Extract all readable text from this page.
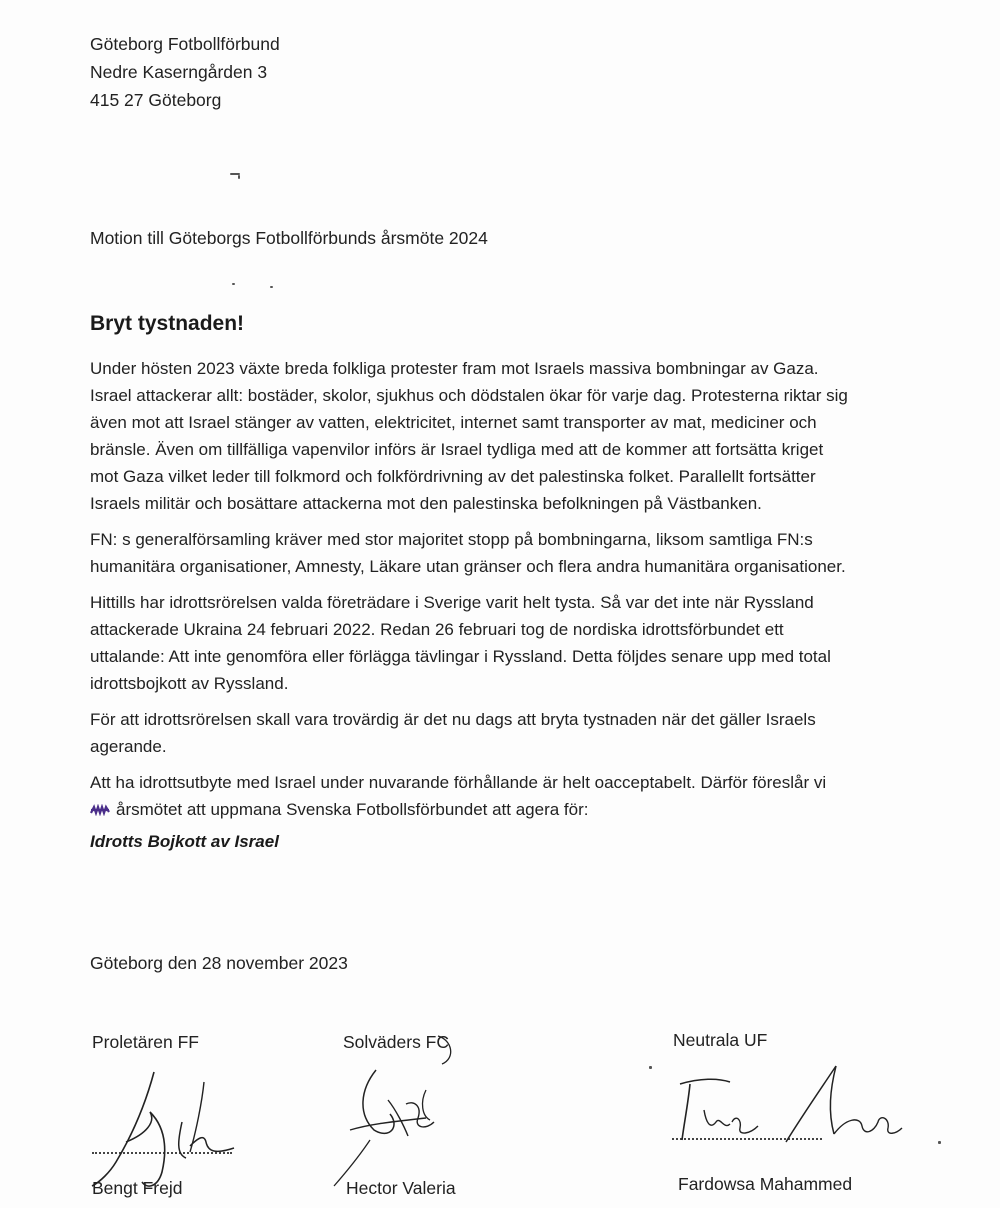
Göteborg Fotbollförbund
Nedre Kaserngården 3
415 27 Göteborg
Motion till Göteborgs Fotbollförbunds årsmöte 2024
Bryt tystnaden!

Under hösten 2023 växte breda folkliga protester fram mot Israels massiva bombningar av Gaza.
Israel attackerar allt: bostäder, skolor, sjukhus och dödstalen ökar för varje dag. Protesterna riktar sig
även mot att Israel stänger av vatten, elektricitet, internet samt transporter av mat, mediciner och
bränsle. Även om tillfälliga vapenvilor införs är Israel tydliga med att de kommer att fortsätta kriget
mot Gaza vilket leder till folkmord och folkfördrivning av det palestinska folket. Parallellt fortsätter
Israels militär och bosättare attackerna mot den palestinska befolkningen på Västbanken.

FN: s generalförsamling kräver med stor majoritet stopp på bombningarna, liksom samtliga FN:s
humanitära organisationer, Amnesty, Läkare utan gränser och flera andra humanitära organisationer.

Hittills har idrottsrörelsen valda företrädare i Sverige varit helt tysta. Så var det inte när Ryssland
attackerade Ukraina 24 februari 2022. Redan 26 februari tog de nordiska idrottsförbundet ett
uttalande: Att inte genomföra eller förlägga tävlingar i Ryssland. Detta följdes senare upp med total
idrottsbojkott av Ryssland.

För att idrottsrörelsen skall vara trovärdig är det nu dags att bryta tystnaden när det gäller Israels
agerande.

Att ha idrottsutbyte med Israel under nuvarande förhållande är helt oacceptabelt. Därför föreslår vi
årsmötet att uppmana Svenska Fotbollsförbundet att agera för:

Idrotts Bojkott av Israel
Göteborg den 28 november 2023
Proletären FF
Bengt Frejd
Solväders FC
Hector Valeria
Neutrala UF
Fardowsa Mahammed
